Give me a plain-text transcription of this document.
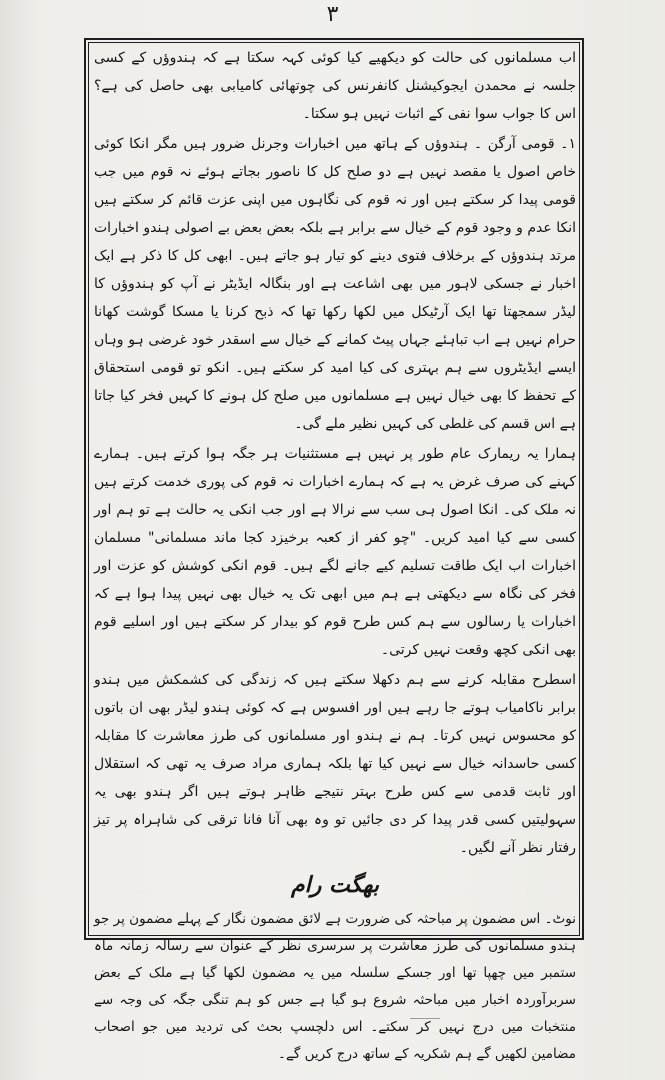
۳

اب مسلمانوں کی حالت کو دیکھیے کیا کوئی کہہ سکتا ہے کہ ہندوؤں کے کسی جلسہ نے محمدن ایجوکیشنل کانفرنس کی چوتھائی کامیابی بھی حاصل کی ہے؟ اس کا جواب سوا نفی کے اثبات نہیں ہو سکتا۔

۱۔ قومی آرگن ۔ ہندوؤں کے ہاتھ میں اخبارات وجرنل ضرور ہیں مگر انکا کوئی خاص اصول یا مقصد نہیں ہے دو صلح کل کا ناصور بجاتے ہوئے نہ قوم میں جب قومی پیدا کر سکتے ہیں اور نہ قوم کی نگاہوں میں اپنی عزت قائم کر سکتے ہیں انکا عدم و وجود قوم کے خیال سے برابر ہے بلکہ بعض بعض بے اصولی ہندو اخبارات مرتد ہندوؤں کے برخلاف فتوی دینے کو تیار ہو جاتے ہیں۔ ابھی کل کا ذکر ہے ایک اخبار نے جسکی لاہور میں بھی اشاعت ہے اور بنگالہ ایڈیٹر نے آپ کو ہندوؤں کا لیڈر سمجھتا تھا ایک آرٹیکل میں لکھا رکھا تھا کہ ذبح کرنا یا مسکا گوشت کھانا حرام نہیں ہے اب تباہئے جہاں پیٹ کمانے کے خیال سے اسقدر خود غرضی ہو وہاں ایسے ایڈیٹروں سے ہم بہتری کی کیا امید کر سکتے ہیں۔ انکو تو قومی استحقاق کے تحفظ کا بھی خیال نہیں ہے مسلمانوں میں صلح کل ہونے کا کہیں فخر کیا جاتا ہے اس قسم کی غلطی کی کہیں نظیر ملے گی۔

ہمارا یہ ریمارک عام طور پر نہیں ہے مستثنیات ہر جگہ ہوا کرتے ہیں۔ ہمارے کہنے کی صرف غرض یہ ہے کہ ہمارے اخبارات نہ قوم کی پوری خدمت کرتے ہیں نہ ملک کی۔ انکا اصول ہی سب سے نرالا ہے اور جب انکی یہ حالت ہے تو ہم اور کسی سے کیا امید کریں۔ "چو کفر از کعبہ برخیزد کجا ماند مسلمانی" مسلمان اخبارات اب ایک طاقت تسلیم کیے جانے لگے ہیں۔ قوم انکی کوشش کو عزت اور فخر کی نگاہ سے دیکھتی ہے ہم میں ابھی تک یہ خیال بھی نہیں پیدا ہوا ہے کہ اخبارات یا رسالوں سے ہم کس طرح قوم کو بیدار کر سکتے ہیں اور اسلیے قوم بھی انکی کچھ وقعت نہیں کرتی۔

اسطرح مقابلہ کرنے سے ہم دکھلا سکتے ہیں کہ زندگی کی کشمکش میں ہندو برابر ناکامیاب ہوتے جا رہے ہیں اور افسوس ہے کہ کوئی ہندو لیڈر بھی ان باتوں کو محسوس نہیں کرتا۔ ہم نے ہندو اور مسلمانوں کی طرز معاشرت کا مقابلہ کسی حاسدانہ خیال سے نہیں کیا تھا بلکہ ہماری مراد صرف یہ تھی کہ استقلال اور ثابت قدمی سے کس طرح بہتر نتیجے ظاہر ہوتے ہیں اگر ہندو بھی یہ سہولیتیں کسی قدر پیدا کر دی جائیں تو وہ بھی آنا فانا ترقی کی شاہراہ پر تیز رفتار نظر آنے لگیں۔

بھگت رام

نوٹ۔ اس مضمون پر مباحثہ کی ضرورت ہے لائق مضمون نگار کے پہلے مضمون پر جو ہندو مسلمانوں کی طرز معاشرت پر سرسری نظر کے عنوان سے رسالہ زمانہ ماہ ستمبر میں چھپا تھا اور جسکے سلسلہ میں یہ مضمون لکھا گیا ہے ملک کے بعض سربرآوردہ اخبار میں مباحثہ شروع ہو گیا ہے جس کو ہم تنگی جگہ کی وجہ سے منتخبات میں درج نہیں کر سکتے۔ اس دلچسپ بحث کی تردید میں جو اصحاب مضامین لکھیں گے ہم شکریہ کے ساتھ درج کریں گے۔
